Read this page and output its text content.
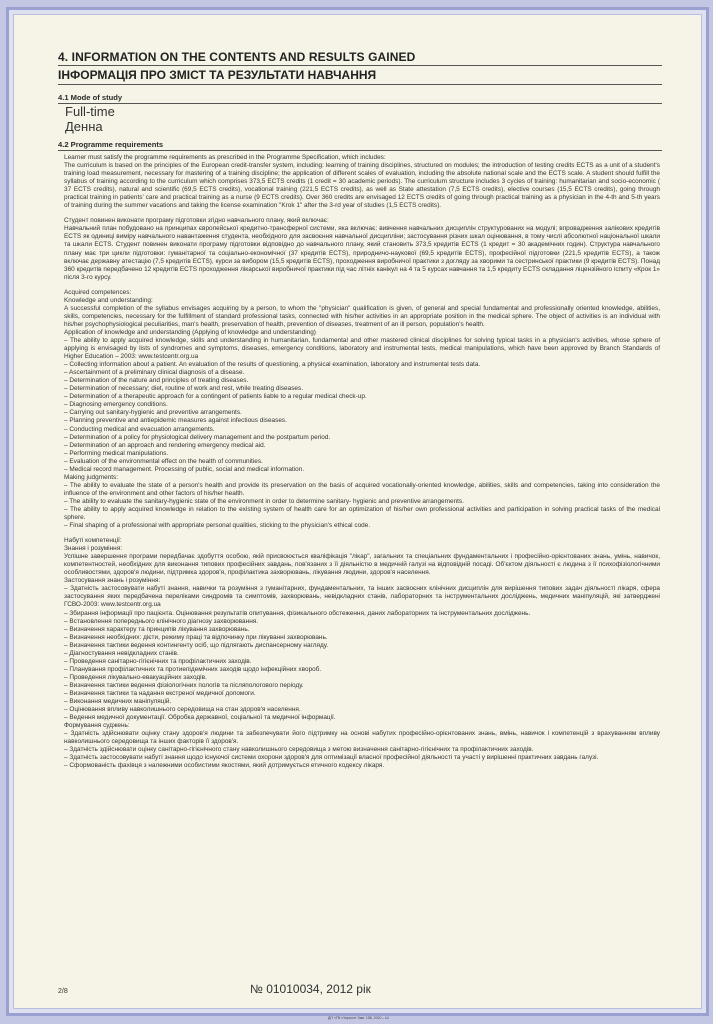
4. INFORMATION ON THE CONTENTS AND RESULTS GAINED
ІНФОРМАЦІЯ ПРО ЗМІСТ ТА РЕЗУЛЬТАТИ НАВЧАННЯ
4.1 Mode of study
Full-time
Денна
4.2 Programme requirements
Learner must satisfy the programme requirements as prescribed in the Programme Specification, which includes:
The curriculum is based on the principles of the European credit-transfer system, including: learning of training disciplines, structured on modules; the introduction of testing credits ECTS as a unit of a student's training load measurement, necessary for mastering of a training discipline; the application of different scales of evaluation, including the absolute national scale and the ECTS scale. A student should fulfill the syllabus of training according to the curriculum which comprises 373,5 ECTS credits (1 credit = 30 academic periods). The curriculum structure includes 3 cycles of training: humanitarian and socio-economic ( 37 ECTS credits), natural and scientific (69,5 ECTS credits), vocational training (221,5 ECTS credits), as well as State attestation (7,5 ECTS credits), elective courses (15,5 ECTS credits), going through practical training in patients' care and practical training as a nurse (9 ECTS credits). Over 360 credits are envisaged 12 ECTS credits of going through practical training as a physician in the 4-th and 5-th years of training during the summer vacations and taking the license examination "Krok 1" after the 3-rd year of studies (1,5 ECTS credits).
Студент повинен виконати програму підготовки згідно навчального плану, який включає:
Навчальний план побудовано на принципах європейської кредитно-трансферної системи, яка включає: вивчення навчальних дисциплін структурованих на модулі; впровадження залікових кредитів ECTS як одиниці виміру навчального навантаження студента, необхідного для засвоєння навчальної дисципліни; застосування різних шкал оцінювання, в тому числі абсолютної національної шкали та шкали ECTS. Студент повинен виконати програму підготовки відповідно до навчального плану, який становить 373,5 кредитів ECTS (1 кредит = 30 академічних годин). Структура навчального плану має три цикли підготовки: гуманітарної та соціально-економічної (37 кредитів ECTS), природничо-наукової (69,5 кредитів ECTS), професійної підготовки (221,5 кредитів ECTS), а також включає державну атестацію (7,5 кредитів ECTS), курси за вибором (15,5 кредитів ECTS), проходження виробничої практики з догляду за хворими та сестринської практики (9 кредитів ECTS). Понад 360 кредитів передбачено 12 кредитів ECTS проходження лікарської виробничої практики під час літніх канікул на 4 та 5 курсах навчання та 1,5 кредиту ECTS складання ліцензійного іспиту «Крок 1» після 3-го курсу.
Acquired competences:
Knowledge and understanding:
A successful completion of the syllabus envisages acquiring by a person, to whom the "physician" qualification is given, of general and special fundamental and professionally oriented knowledge, abilities, skills, competencies, necessary for the fulfillment of standard professional tasks, connected with his/her activities in an appropriate position in the medical sphere. The object of activities is an individual with his/her psychophysiological peculiarities, man's health, preservation of health, prevention of diseases, treatment of an ill person, population's health.
Application of knowledge and understanding (Applying of knowledge and understanding)
– The ability to apply acquired knowledge, skills and understanding in humanitarian, fundamental and other mastered clinical disciplines for solving typical tasks in a physician's activities, whose sphere of applying is envisaged by lists of syndromes and symptoms, diseases, emergency conditions, laboratory and instrumental tests, medical manipulations, which have been approved by Branch Standards of Higher Education – 2003: www.testcentr.org.ua
– Collecting information about a patient. An evaluation of the results of questioning, a physical examination, laboratory and instrumental tests data.
– Ascertainment of a preliminary clinical diagnosis of a disease.
– Determination of the nature and principles of treating diseases.
– Determination of necessary; diet, routine of work and rest, while treating diseases.
– Determination of a therapeutic approach for a contingent of patients liable to a regular medical check-up.
– Diagnosing emergency conditions.
– Carrying out sanitary-hygienic and preventive arrangements.
– Planning preventive and antiepidemic measures against infectious diseases.
– Conducting medical and evacuation arrangements.
– Determination of a policy for physiological delivery management and the postpartum period.
– Determination of an approach and rendering emergency medical aid.
– Performing medical manipulations.
– Evaluation of the environmental effect on the health of communities.
– Medical record management. Processing of public, social and medical information.
Making judgments:
– The ability to evaluate the state of a person's health and provide its preservation on the basis of acquired vocationally-oriented knowledge, abilities, skills and competencies, taking into consideration the influence of the environment and other factors of his/her health.
– The ability to evaluate the sanitary-hygienic state of the environment in order to determine sanitary- hygienic and preventive arrangements.
– The ability to apply acquired knowledge in relation to the existing system of health care for an optimization of his/her own professional activities and participation in solving practical tasks of the medical sphere.
– Final shaping of a professional with appropriate personal qualities, sticking to the physician's ethical code.
Набуті компетенції:
Знання і розуміння:
Успішне завершення програми передбачає здобуття особою, якій присвоюється кваліфікація "лікар", загальних та спеціальних фундаментальних і професійно-орієнтованих знань, умінь, навичок, компетентностей, необхідних для виконання типових професійних завдань, пов'язаних з її діяльністю в медичній галузі на відповідній посаді. Об'єктом діяльності є людина з її психофізіологічними особливостями, здоров'я людини, підтримка здоров'я, профілактика захворювань, лікування людини, здоров'я населення.
Застосування знань і розуміння:
– Здатність застосовувати набуті знання, навички та розуміння з гуманітарних, фундаментальних, та інших засвоєних клінічних дисциплін для вирішення типових задач діяльності лікаря, сфера застосування яких передбачена переліками синдромів та симптомів, захворювань, невідкладних станів, лабораторних та інструментальних досліджень, медичних маніпуляцій, які затверджені ГСВО-2003: www.testcentr.org.ua
– Збирання інформації про пацієнта. Оцінювання результатів опитування, фізикального обстеження, даних лабораторних та інструментальних досліджень.
– Встановлення попереднього клінічного діагнозу захворювання.
– Визначення характеру та принципів лікування захворювань.
– Визначення необхідних: дієти, режиму праці та відпочинку при лікуванні захворювань.
– Визначення тактики ведення контингенту осіб, що підлягають диспансерному нагляду.
– Діагностування невідкладних станів.
– Проведення санітарно-гігієнічних та профілактичних заходів.
– Планування профілактичних та протиепідемічних заходів щодо інфекційних хвороб.
– Проведення лікувально-евакуаційних заходів.
– Визначення тактики ведення фізіологічних пологів та післяпологового періоду.
– Визначення тактики та надання екстреної медичної допомоги.
– Виконання медичних маніпуляцій.
– Оцінювання впливу навколишнього середовища на стан здоров'я населення.
– Ведення медичної документації. Обробка державної, соціальної та медичної інформації.
Формування суджень:
– Здатність здійснювати оцінку стану здоров'я людини та забезпечувати його підтримку на основі набутих професійно-орієнтованих знань, вмінь, навичок і компетенцій з врахуванням впливу навколишнього середовища та інших факторів її здоров'я.
– Здатність здійснювати оцінку санітарно-гігієнічного стану навколишнього середовища з метою визначення санітарно-гігієнічних та профілактичних заходів.
– Здатність застосовувати набуті знання щодо існуючої системи охорони здоров'я для оптимізації власної професійної діяльності та участі у вирішенні практичних завдань галузі.
– Сформованість фахівця з належними особистими якостями, який дотримується етичного кодексу лікаря.
2/8	№ 01010034, 2012 рік
ДП «ТВ «Укрпол» Зам. 158, 2010 – Ш
